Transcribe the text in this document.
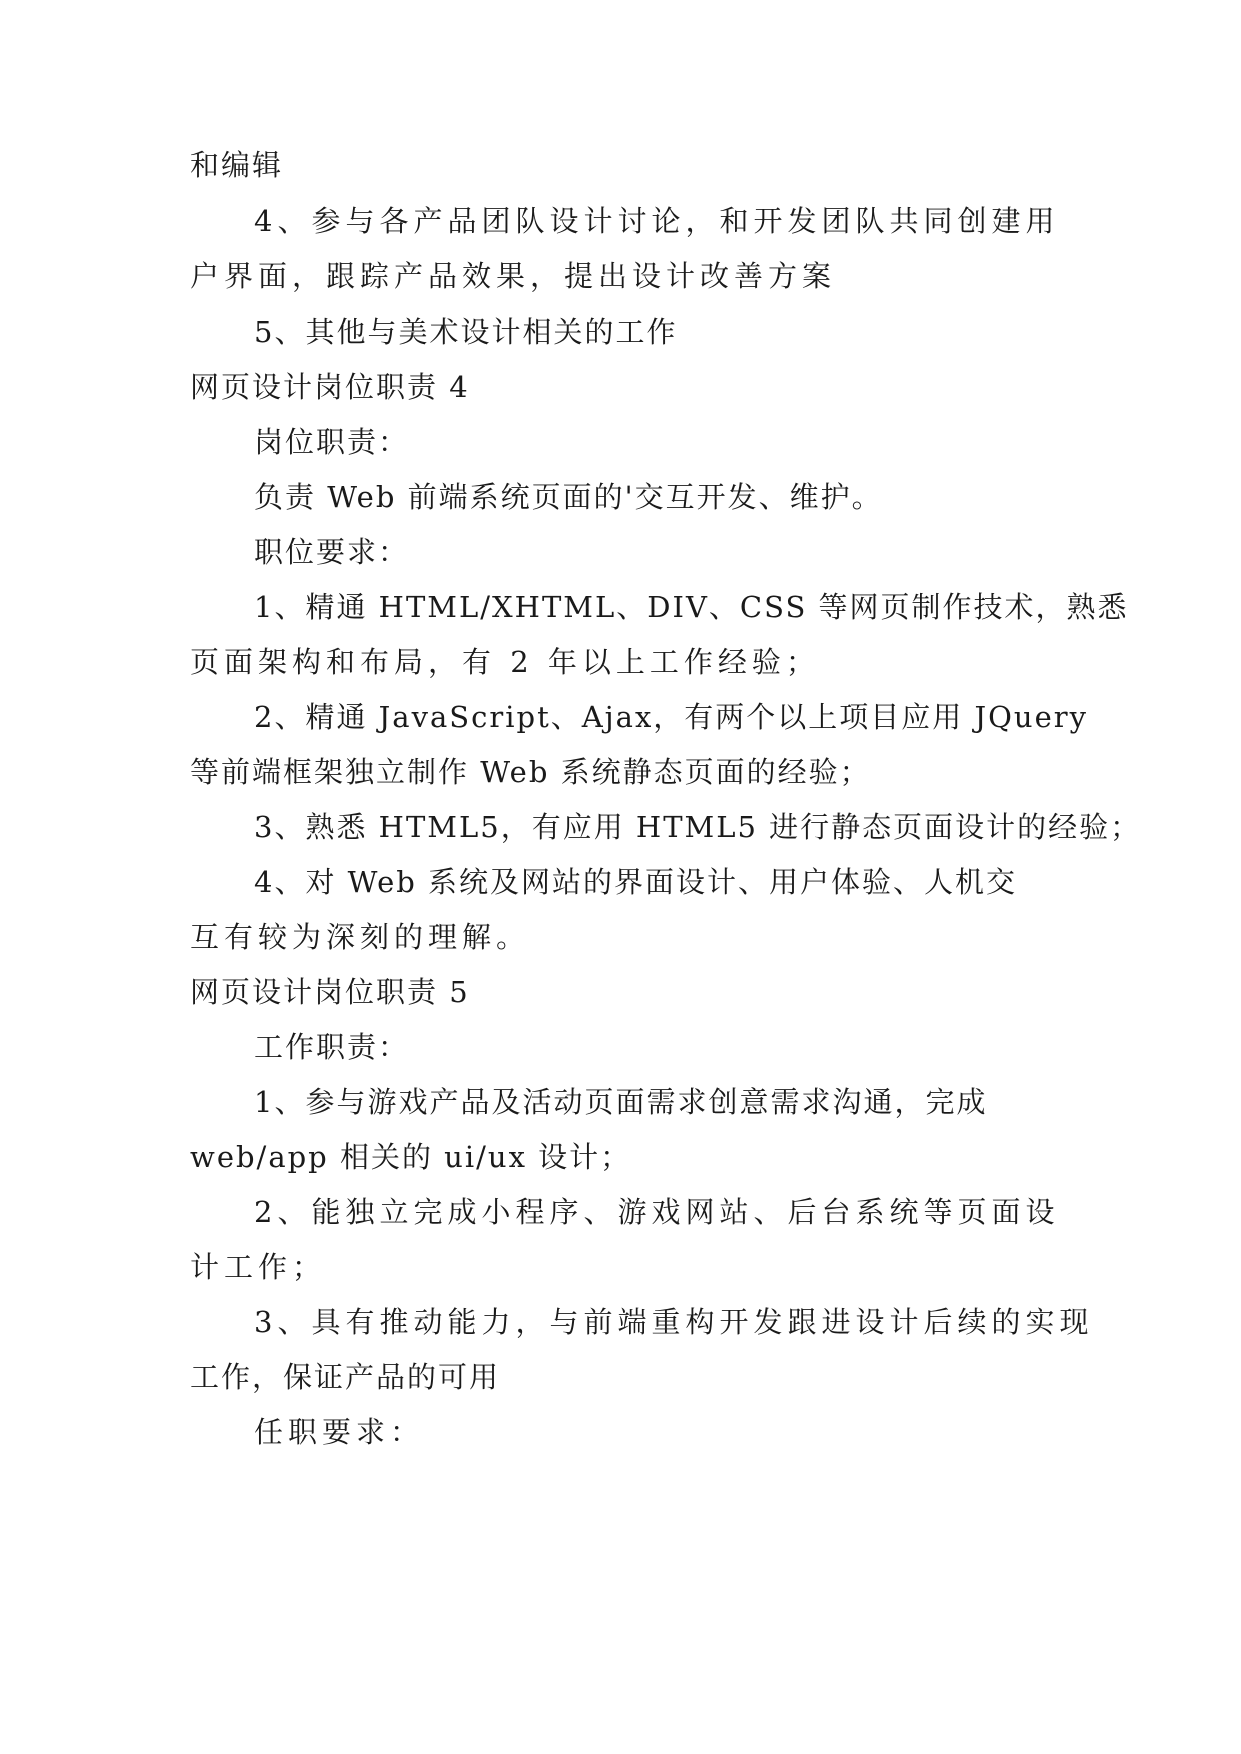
和编辑
4、参与各产品团队设计讨论，和开发团队共同创建用
户界面，跟踪产品效果，提出设计改善方案
5、其他与美术设计相关的工作
网页设计岗位职责 4
岗位职责：
负责 Web 前端系统页面的'交互开发、维护。
职位要求：
1、精通 HTML/XHTML、DIV、CSS 等网页制作技术，熟悉
页面架构和布局，有 2 年以上工作经验；
2、精通 JavaScript、Ajax，有两个以上项目应用 JQuery
等前端框架独立制作 Web 系统静态页面的经验；
3、熟悉 HTML5，有应用 HTML5 进行静态页面设计的经验；
4、对 Web 系统及网站的界面设计、用户体验、人机交
互有较为深刻的理解。
网页设计岗位职责 5
工作职责：
1、参与游戏产品及活动页面需求创意需求沟通，完成
web/app 相关的 ui/ux 设计；
2、能独立完成小程序、游戏网站、后台系统等页面设
计工作；
3、具有推动能力，与前端重构开发跟进设计后续的实现
工作，保证产品的可用
任职要求：
